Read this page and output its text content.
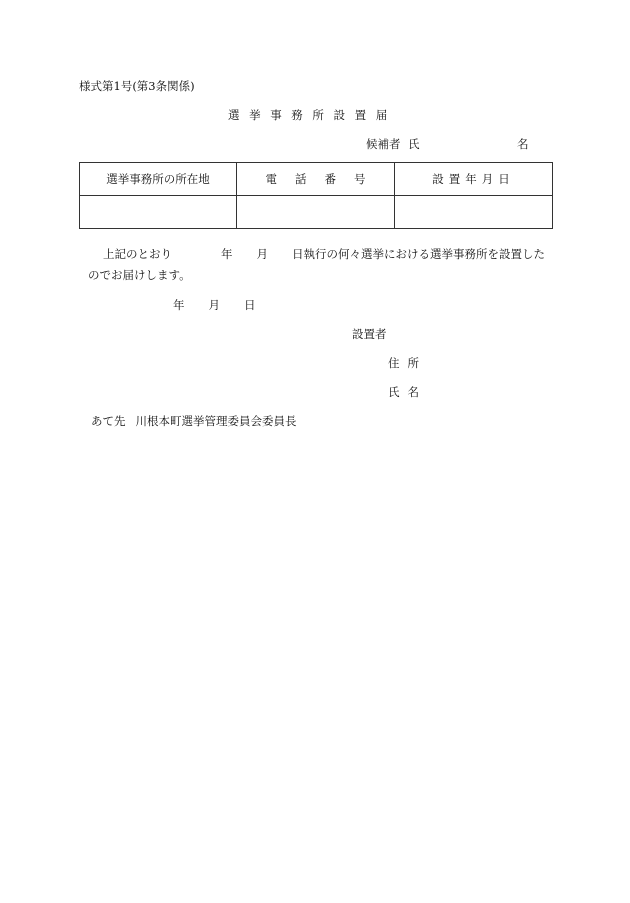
様式第1号(第3条関係)
選挙事務所設置届
候補者 氏	名
選挙事務所の所在地	電話番号	設置年月日

上記のとおり	年 月 日執行の何々選挙における選挙事務所を設置した
のでお届けします。
年 月 日
設置者
住所
氏名
あて先 川根本町選挙管理委員会委員長
